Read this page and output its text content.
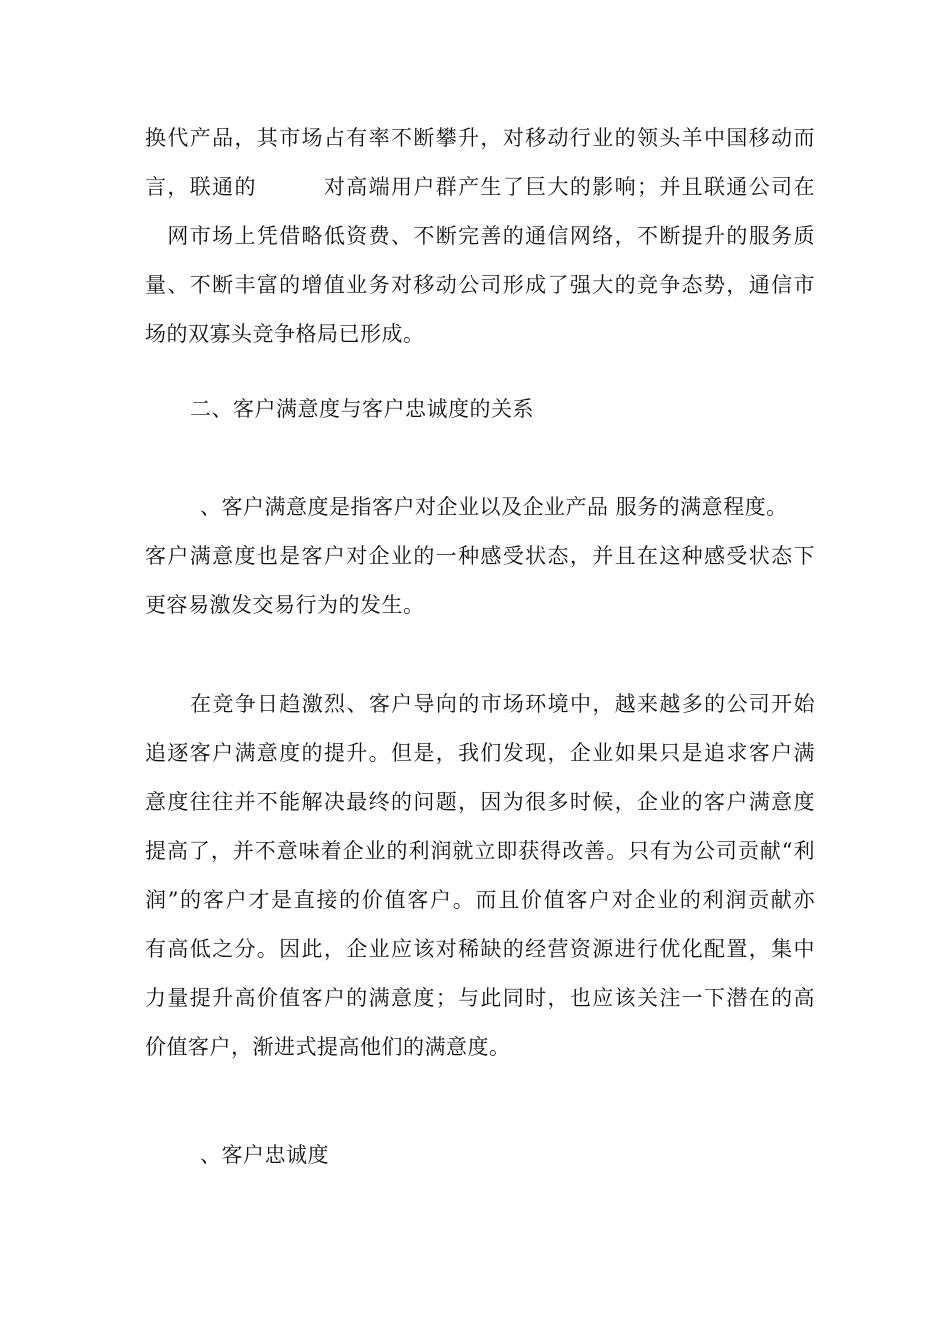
换代产品，其市场占有率不断攀升，对移动行业的领头羊中国移动而
言，联通的　　　对高端用户群产生了巨大的影响；并且联通公司在
　网市场上凭借略低资费、不断完善的通信网络，不断提升的服务质
量、不断丰富的增值业务对移动公司形成了强大的竞争态势，通信市
场的双寡头竞争格局已形成。
二、客户满意度与客户忠诚度的关系
、客户满意度是指客户对企业以及企业产品 服务的满意程度。
客户满意度也是客户对企业的一种感受状态，并且在这种感受状态下
更容易激发交易行为的发生。
在竞争日趋激烈、客户导向的市场环境中，越来越多的公司开始
追逐客户满意度的提升。但是，我们发现，企业如果只是追求客户满
意度往往并不能解决最终的问题，因为很多时候，企业的客户满意度
提高了，并不意味着企业的利润就立即获得改善。只有为公司贡献“利
润”的客户才是直接的价值客户。而且价值客户对企业的利润贡献亦
有高低之分。因此，企业应该对稀缺的经营资源进行优化配置，集中
力量提升高价值客户的满意度；与此同时，也应该关注一下潜在的高
价值客户，渐进式提高他们的满意度。
、客户忠诚度
